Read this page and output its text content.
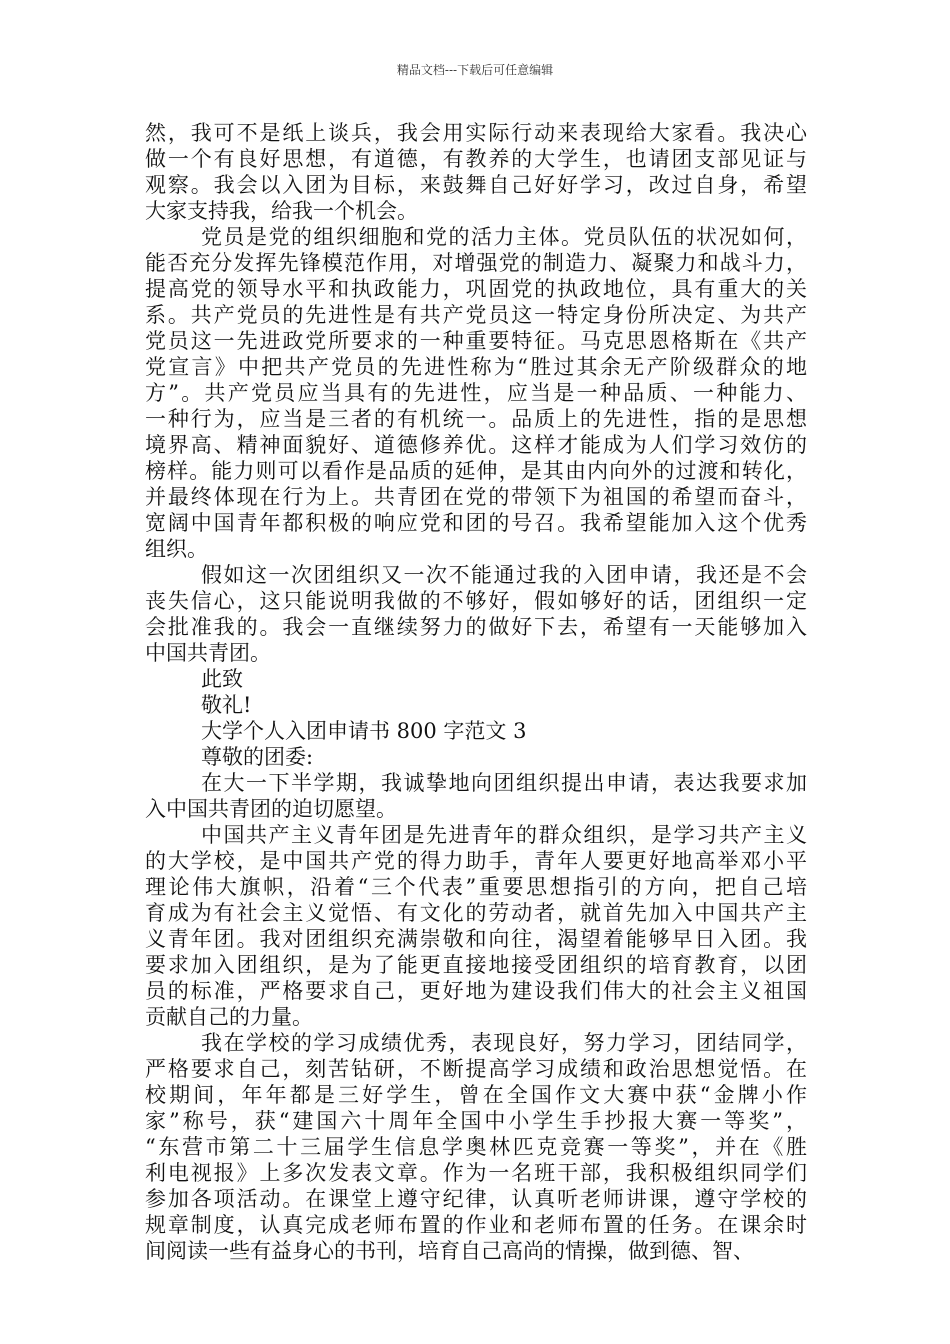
精品文档---下载后可任意编辑
然，我可不是纸上谈兵，我会用实际行动来表现给大家看。我决心
做一个有良好思想，有道德，有教养的大学生，也请团支部见证与
观察。我会以入团为目标，来鼓舞自己好好学习，改过自身，希望
大家支持我，给我一个机会。
党员是党的组织细胞和党的活力主体。党员队伍的状况如何，
能否充分发挥先锋模范作用，对增强党的制造力、凝聚力和战斗力，
提高党的领导水平和执政能力，巩固党的执政地位，具有重大的关
系。共产党员的先进性是有共产党员这一特定身份所决定、为共产
党员这一先进政党所要求的一种重要特征。马克思恩格斯在《共产
党宣言》中把共产党员的先进性称为“胜过其余无产阶级群众的地
方”。共产党员应当具有的先进性，应当是一种品质、一种能力、
一种行为，应当是三者的有机统一。品质上的先进性，指的是思想
境界高、精神面貌好、道德修养优。这样才能成为人们学习效仿的
榜样。能力则可以看作是品质的延伸，是其由内向外的过渡和转化，
并最终体现在行为上。共青团在党的带领下为祖国的希望而奋斗，
宽阔中国青年都积极的响应党和团的号召。我希望能加入这个优秀
组织。
假如这一次团组织又一次不能通过我的入团申请，我还是不会
丧失信心，这只能说明我做的不够好，假如够好的话，团组织一定
会批准我的。我会一直继续努力的做好下去，希望有一天能够加入
中国共青团。
此致
敬礼!
大学个人入团申请书 800 字范文 3
尊敬的团委:
在大一下半学期，我诚挚地向团组织提出申请，表达我要求加
入中国共青团的迫切愿望。
中国共产主义青年团是先进青年的群众组织，是学习共产主义
的大学校，是中国共产党的得力助手，青年人要更好地高举邓小平
理论伟大旗帜，沿着“三个代表”重要思想指引的方向，把自己培
育成为有社会主义觉悟、有文化的劳动者，就首先加入中国共产主
义青年团。我对团组织充满崇敬和向往，渴望着能够早日入团。我
要求加入团组织，是为了能更直接地接受团组织的培育教育，以团
员的标准，严格要求自己，更好地为建设我们伟大的社会主义祖国
贡献自己的力量。
我在学校的学习成绩优秀，表现良好，努力学习，团结同学，
严格要求自己，刻苦钻研，不断提高学习成绩和政治思想觉悟。在
校期间，年年都是三好学生，曾在全国作文大赛中获“金牌小作
家”称号，获“建国六十周年全国中小学生手抄报大赛一等奖”，
“东营市第二十三届学生信息学奥林匹克竞赛一等奖”，并在《胜
利电视报》上多次发表文章。作为一名班干部，我积极组织同学们
参加各项活动。在课堂上遵守纪律，认真听老师讲课，遵守学校的
规章制度，认真完成老师布置的作业和老师布置的任务。在课余时
间阅读一些有益身心的书刊，培育自己高尚的情操，做到德、智、
